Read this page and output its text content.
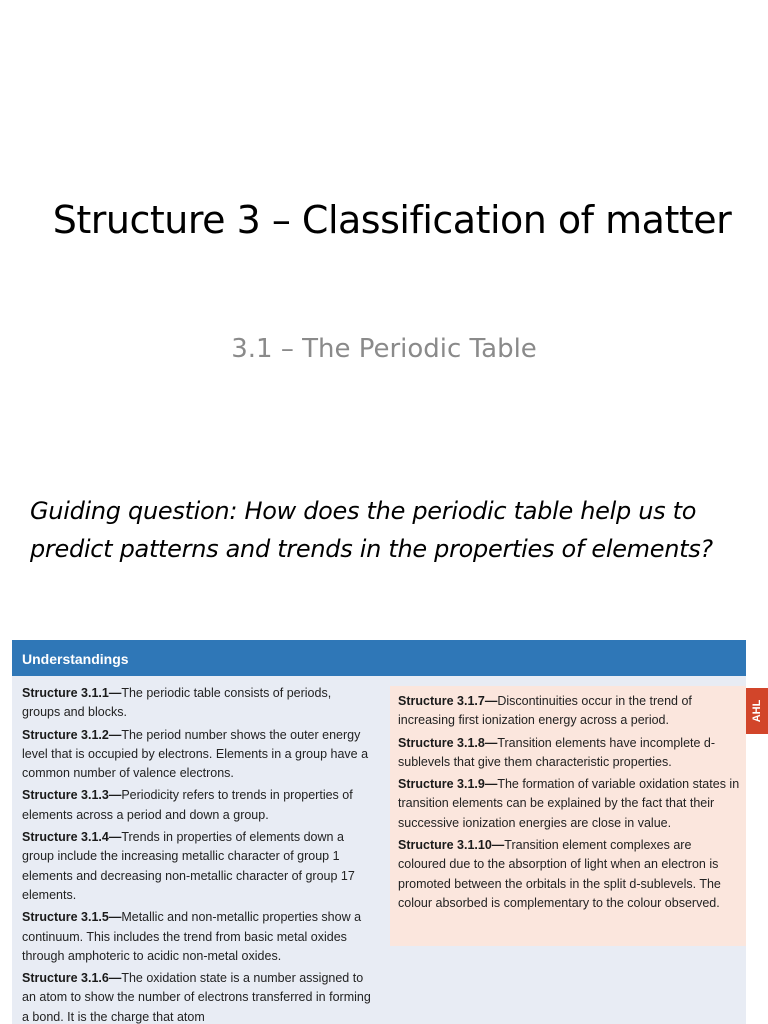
Structure 3 – Classification of matter
3.1 – The Periodic Table
Guiding question: How does the periodic table help us to predict patterns and trends in the properties of elements?
Understandings
Structure 3.1.1—The periodic table consists of periods, groups and blocks.
Structure 3.1.2—The period number shows the outer energy level that is occupied by electrons. Elements in a group have a common number of valence electrons.
Structure 3.1.3—Periodicity refers to trends in properties of elements across a period and down a group.
Structure 3.1.4—Trends in properties of elements down a group include the increasing metallic character of group 1 elements and decreasing non-metallic character of group 17 elements.
Structure 3.1.5—Metallic and non-metallic properties show a continuum. This includes the trend from basic metal oxides through amphoteric to acidic non-metal oxides.
Structure 3.1.6—The oxidation state is a number assigned to an atom to show the number of electrons transferred in forming a bond. It is the charge that atom
Structure 3.1.7—Discontinuities occur in the trend of increasing first ionization energy across a period.
Structure 3.1.8—Transition elements have incomplete d-sublevels that give them characteristic properties.
Structure 3.1.9—The formation of variable oxidation states in transition elements can be explained by the fact that their successive ionization energies are close in value.
Structure 3.1.10—Transition element complexes are coloured due to the absorption of light when an electron is promoted between the orbitals in the split d-sublevels. The colour absorbed is complementary to the colour observed.
AHL
